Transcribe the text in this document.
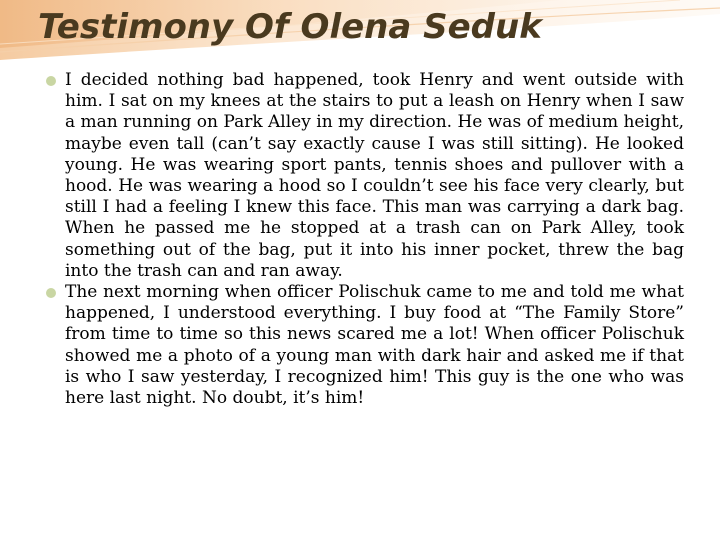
Testimony Of Olena Seduk
I decided nothing bad happened, took Henry and went outside with him. I sat on my knees at the stairs to put a leash on Henry when I saw a man running on Park Alley in my direction. He was of medium height, maybe even tall (can’t say exactly cause I was still sitting). He looked young. He was wearing sport pants, tennis shoes and pullover with a hood. He was wearing a hood so I couldn’t see his face very clearly, but still I had a feeling I knew this face. This man was carrying a dark bag. When he passed me he stopped at a trash can on Park Alley, took something out of the bag, put it into his inner pocket, threw the bag into the trash can and ran away.
The next morning when officer Polischuk came to me and told me what happened, I understood everything. I buy food at “The Family Store” from time to time so this news scared me a lot! When officer Polischuk showed me a photo of a young man with dark hair and asked me if that is who I saw yesterday, I recognized him! This guy is the one who was here last night. No doubt, it’s him!
